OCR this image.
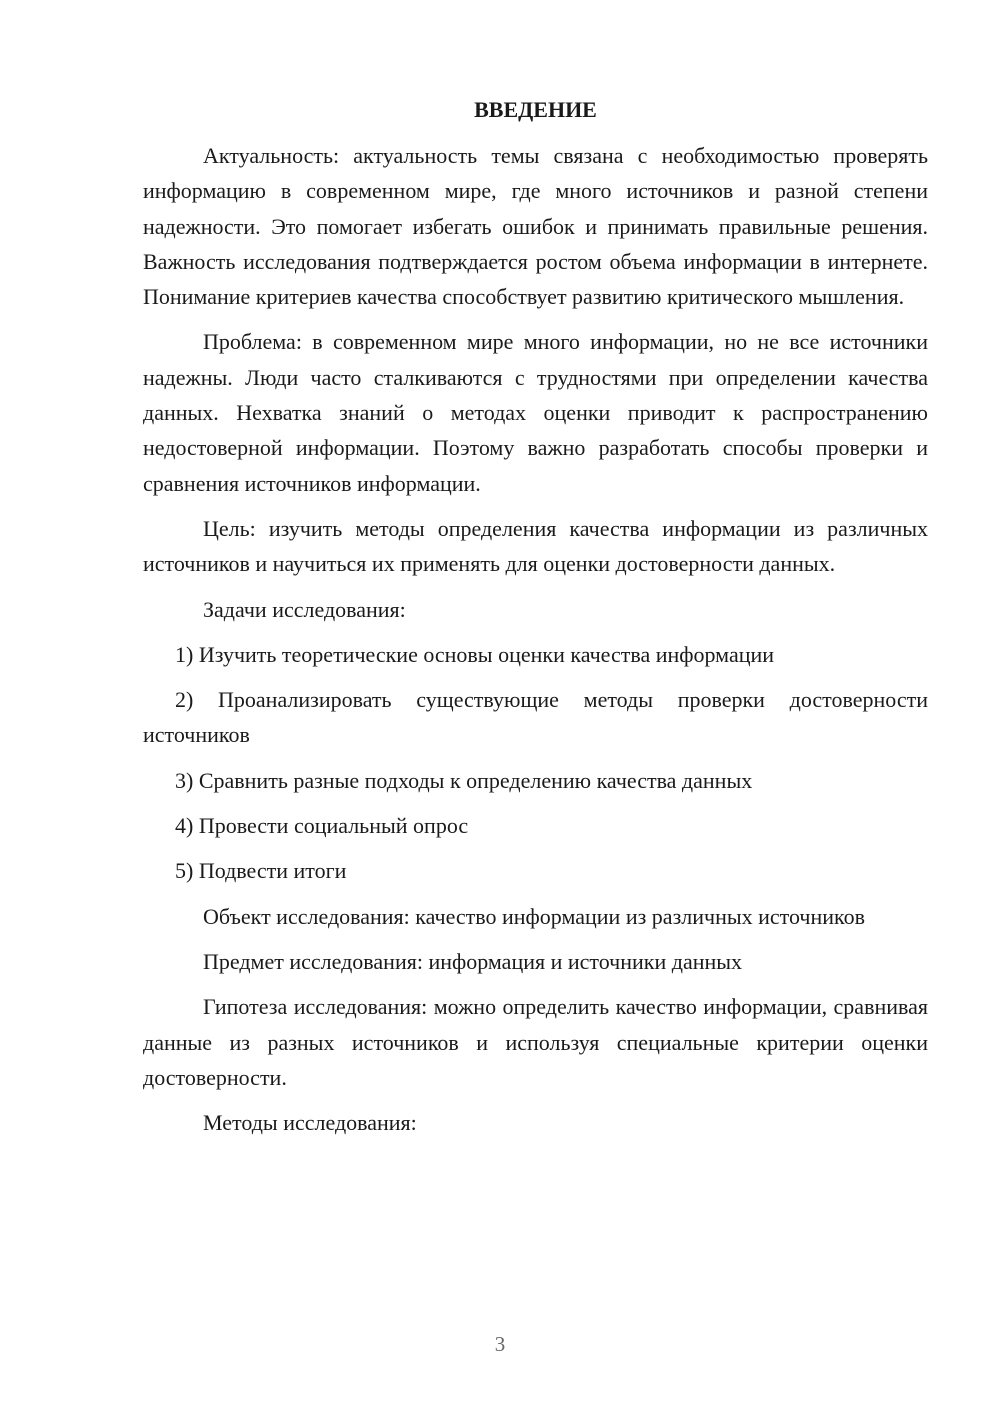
ВВЕДЕНИЕ

Актуальность: актуальность темы связана с необходимостью проверять информацию в современном мире, где много источников и разной степени надежности. Это помогает избегать ошибок и принимать правильные решения. Важность исследования подтверждается ростом объема информации в интернете. Понимание критериев качества способствует развитию критического мышления.

Проблема: в современном мире много информации, но не все источники надежны. Люди часто сталкиваются с трудностями при определении качества данных. Нехватка знаний о методах оценки приводит к распространению недостоверной информации. Поэтому важно разработать способы проверки и сравнения источников информации.

Цель: изучить методы определения качества информации из различных источников и научиться их применять для оценки достоверности данных.

Задачи исследования:

1) Изучить теоретические основы оценки качества информации

2) Проанализировать существующие методы проверки достоверности источников

3) Сравнить разные подходы к определению качества данных

4) Провести социальный опрос

5) Подвести итоги

Объект исследования: качество информации из различных источников

Предмет исследования: информация и источники данных

Гипотеза исследования: можно определить качество информации, сравнивая данные из разных источников и используя специальные критерии оценки достоверности.

Методы исследования:

3
